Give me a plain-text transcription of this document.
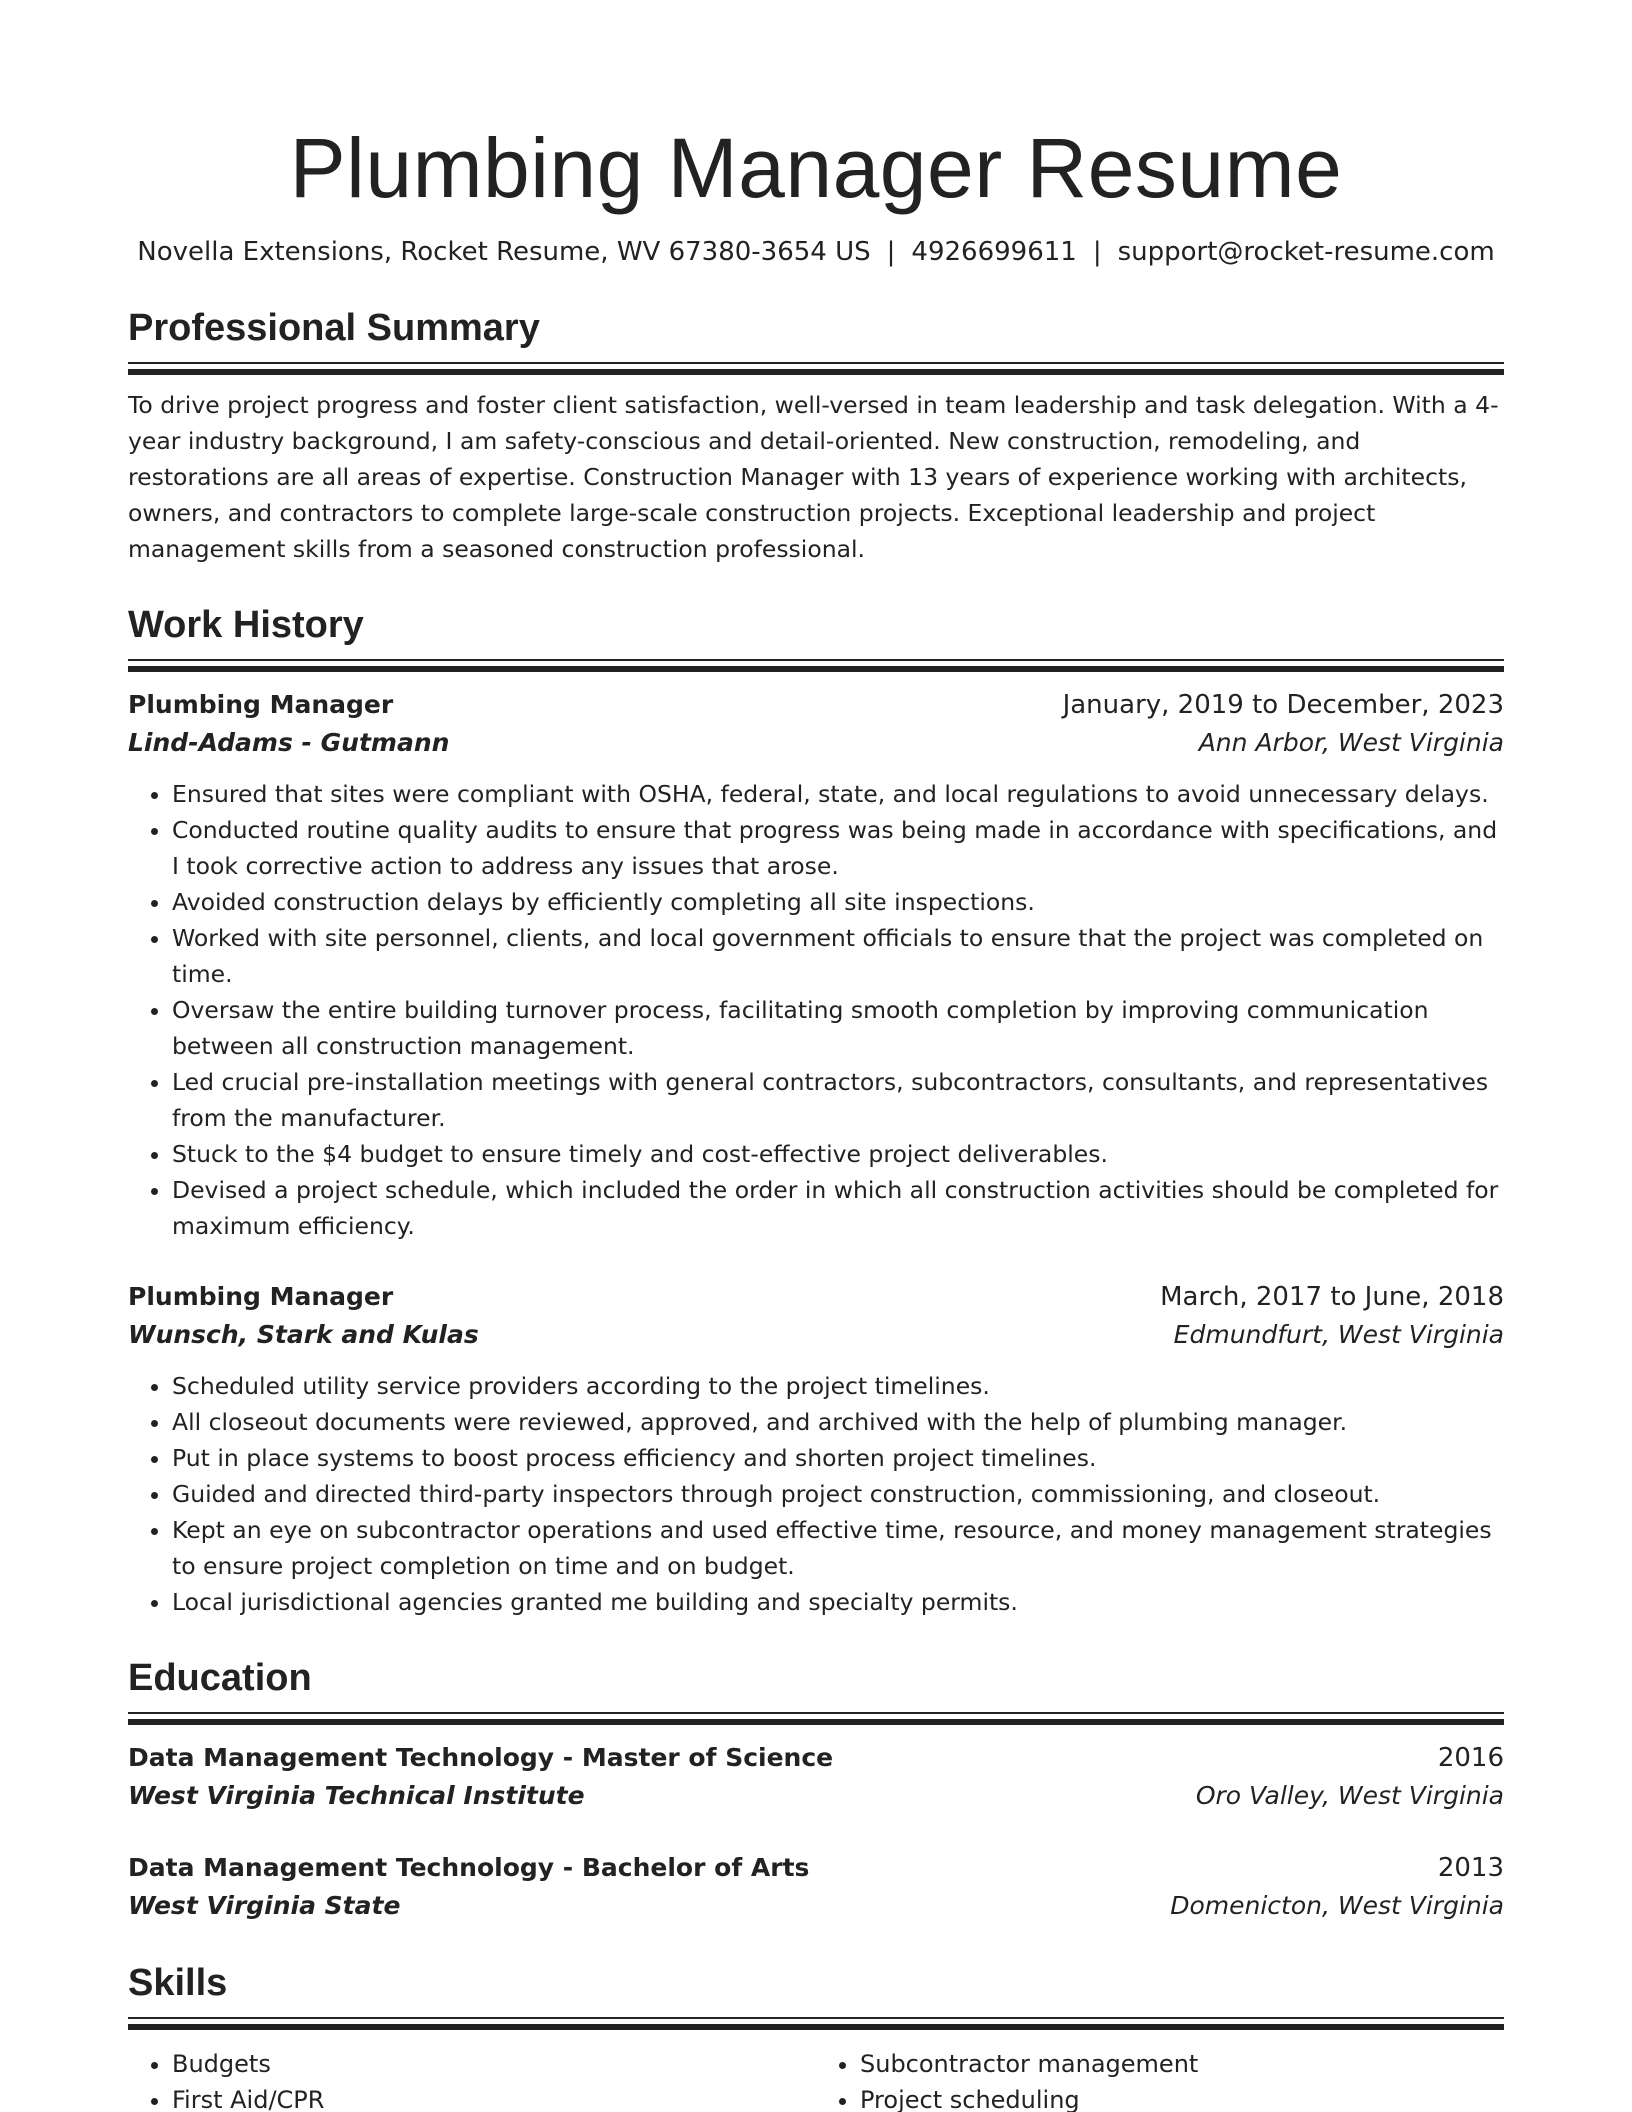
Plumbing Manager Resume
Novella Extensions, Rocket Resume, WV 67380-3654 US | 4926699611 | support@rocket-resume.com
Professional Summary

To drive project progress and foster client satisfaction, well-versed in team leadership and task delegation. With a 4-year industry background, I am safety-conscious and detail-oriented. New construction, remodeling, and restorations are all areas of expertise. Construction Manager with 13 years of experience working with architects, owners, and contractors to complete large-scale construction projects. Exceptional leadership and project management skills from a seasoned construction professional.

Work History
Plumbing Manager	January, 2019 to December, 2023
Lind-Adams - Gutmann	Ann Arbor, West Virginia
• Ensured that sites were compliant with OSHA, federal, state, and local regulations to avoid unnecessary delays.
• Conducted routine quality audits to ensure that progress was being made in accordance with specifications, and I took corrective action to address any issues that arose.
• Avoided construction delays by efficiently completing all site inspections.
• Worked with site personnel, clients, and local government officials to ensure that the project was completed on time.
• Oversaw the entire building turnover process, facilitating smooth completion by improving communication between all construction management.
• Led crucial pre-installation meetings with general contractors, subcontractors, consultants, and representatives from the manufacturer.
• Stuck to the $4 budget to ensure timely and cost-effective project deliverables.
• Devised a project schedule, which included the order in which all construction activities should be completed for maximum efficiency.
Plumbing Manager	March, 2017 to June, 2018
Wunsch, Stark and Kulas	Edmundfurt, West Virginia
• Scheduled utility service providers according to the project timelines.
• All closeout documents were reviewed, approved, and archived with the help of plumbing manager.
• Put in place systems to boost process efficiency and shorten project timelines.
• Guided and directed third-party inspectors through project construction, commissioning, and closeout.
• Kept an eye on subcontractor operations and used effective time, resource, and money management strategies to ensure project completion on time and on budget.
• Local jurisdictional agencies granted me building and specialty permits.
Education
Data Management Technology - Master of Science	2016
West Virginia Technical Institute	Oro Valley, West Virginia
Data Management Technology - Bachelor of Arts	2013
West Virginia State	Domenicton, West Virginia
Skills
• Budgets
• First Aid/CPR
• Subcontractor management
• Project scheduling
